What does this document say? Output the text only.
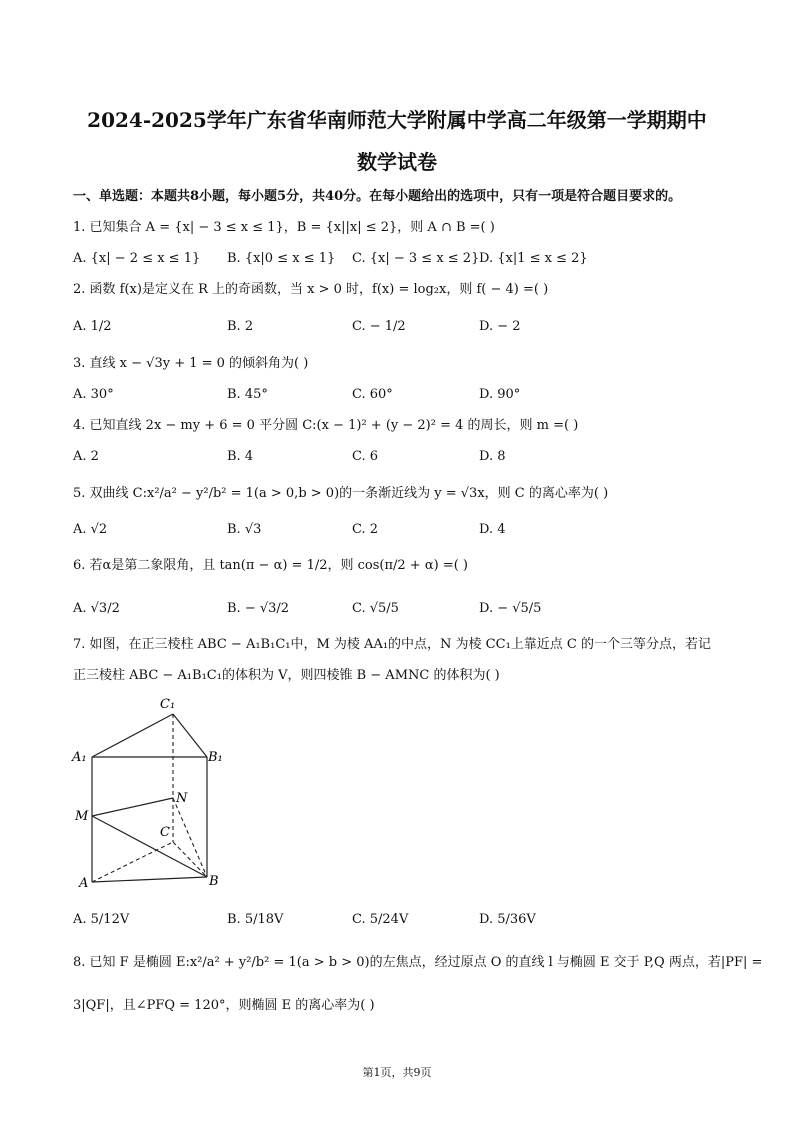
2024-2025学年广东省华南师范大学附属中学高二年级第一学期期中
数学试卷
一、单选题：本题共8小题，每小题5分，共40分。在每小题给出的选项中，只有一项是符合题目要求的。
1. 已知集合 A = {x| − 3 ≤ x ≤ 1}，B = {x||x| ≤ 2}，则 A ∩ B =( )
A. {x| − 2 ≤ x ≤ 1} B. {x|0 ≤ x ≤ 1} C. {x| − 3 ≤ x ≤ 2} D. {x|1 ≤ x ≤ 2}
2. 函数 f(x)是定义在 R 上的奇函数，当 x > 0 时，f(x) = log₂x，则 f( − 4) =( )
A. 1/2	B. 2	C. − 1/2	D. − 2
3. 直线 x − √3y + 1 = 0 的倾斜角为( )
A. 30°	B. 45°	C. 60°	D. 90°
4. 已知直线 2x − my + 6 = 0 平分圆 C:(x − 1)² + (y − 2)² = 4 的周长，则 m =( )
A. 2	B. 4	C. 6	D. 8
5. 双曲线 C:x²/a² − y²/b² = 1(a > 0,b > 0)的一条渐近线为 y = √3x，则 C 的离心率为( )
A. √2	B. √3	C. 2	D. 4
6. 若α是第二象限角，且 tan(π − α) = 1/2，则 cos(π/2 + α) =( )
A. √3/2	B. − √3/2	C. √5/5	D. − √5/5
7. 如图，在正三棱柱 ABC − A₁B₁C₁中，M 为棱 AA₁的中点，N 为棱 CC₁上靠近点 C 的一个三等分点，若记
正三棱柱 ABC − A₁B₁C₁的体积为 V，则四棱锥 B − AMNC 的体积为( )
C₁
A₁	B₁
N
M
C
A	B
A. 5/12V	B. 5/18V	C. 5/24V	D. 5/36V
8. 已知 F 是椭圆 E:x²/a² + y²/b² = 1(a > b > 0)的左焦点，经过原点 O 的直线 l 与椭圆 E 交于 P,Q 两点，若|PF| =
3|QF|，且∠PFQ = 120°，则椭圆 E 的离心率为( )
第1页，共9页
